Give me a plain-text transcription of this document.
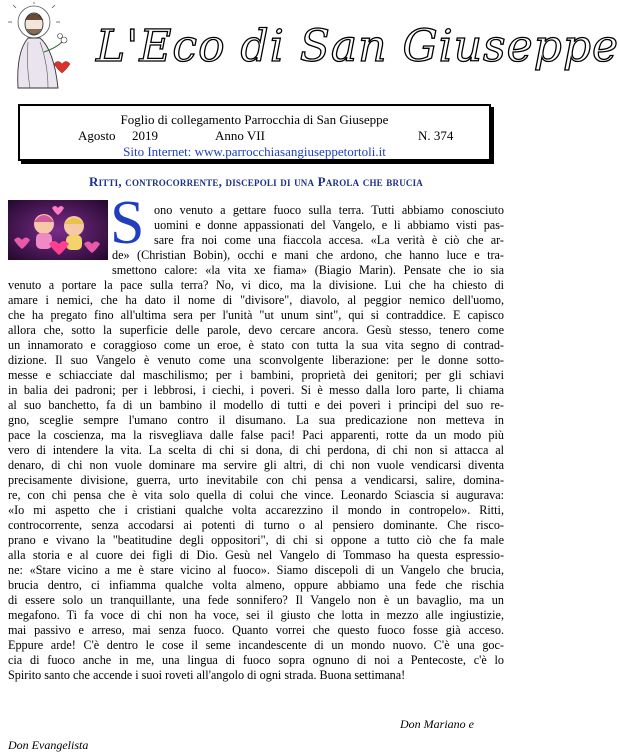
L'Eco di San Giuseppe
Foglio di collegamento Parrocchia di San Giuseppe
Agosto 2019	Anno VII	N. 374
Sito Internet: www.parrocchiasangiuseppetortoli.it
Ritti, controcorrente, discepoli di una Parola che brucia
S ono venuto a gettare fuoco sulla terra. Tutti abbiamo conosciuto
uomini e donne appassionati del Vangelo, e li abbiamo visti pas-
sare fra noi come una fiaccola accesa. «La verità è ciò che ar-
de» (Christian Bobin), occhi e mani che ardono, che hanno luce e tra-
smettono calore: «la vita xe fiama» (Biagio Marin). Pensate che io sia
venuto a portare la pace sulla terra? No, vi dico, ma la divisione. Lui che ha chiesto di
amare i nemici, che ha dato il nome di "divisore", diavolo, al peggior nemico dell'uomo,
che ha pregato fino all'ultima sera per l'unità "ut unum sint", qui si contraddice. E capisco
allora che, sotto la superficie delle parole, devo cercare ancora. Gesù stesso, tenero come
un innamorato e coraggioso come un eroe, è stato con tutta la sua vita segno di contrad-
dizione. Il suo Vangelo è venuto come una sconvolgente liberazione: per le donne sotto-
messe e schiacciate dal maschilismo; per i bambini, proprietà dei genitori; per gli schiavi
in balia dei padroni; per i lebbrosi, i ciechi, i poveri. Si è messo dalla loro parte, li chiama
al suo banchetto, fa di un bambino il modello di tutti e dei poveri i principi del suo re-
gno, sceglie sempre l'umano contro il disumano. La sua predicazione non metteva in
pace la coscienza, ma la risvegliava dalle false paci! Paci apparenti, rotte da un modo più
vero di intendere la vita. La scelta di chi si dona, di chi perdona, di chi non si attacca al
denaro, di chi non vuole dominare ma servire gli altri, di chi non vuole vendicarsi diventa
precisamente divisione, guerra, urto inevitabile con chi pensa a vendicarsi, salire, domina-
re, con chi pensa che è vita solo quella di colui che vince. Leonardo Sciascia si augurava:
«Io mi aspetto che i cristiani qualche volta accarezzino il mondo in contropelo». Ritti,
controcorrente, senza accodarsi ai potenti di turno o al pensiero dominante. Che risco-
prano e vivano la "beatitudine degli oppositori", di chi si oppone a tutto ciò che fa male
alla storia e al cuore dei figli di Dio. Gesù nel Vangelo di Tommaso ha questa espressio-
ne: «Stare vicino a me è stare vicino al fuoco». Siamo discepoli di un Vangelo che brucia,
brucia dentro, ci infiamma qualche volta almeno, oppure abbiamo una fede che rischia
di essere solo un tranquillante, una fede sonnifero? Il Vangelo non è un bavaglio, ma un
megafono. Ti fa voce di chi non ha voce, sei il giusto che lotta in mezzo alle ingiustizie,
mai passivo e arreso, mai senza fuoco. Quanto vorrei che questo fuoco fosse già acceso.
Eppure arde! C'è dentro le cose il seme incandescente di un mondo nuovo. C'è una goc-
cia di fuoco anche in me, una lingua di fuoco sopra ognuno di noi a Pentecoste, c'è lo
Spirito santo che accende i suoi roveti all'angolo di ogni strada. Buona settimana!
Don Mariano e
Don Evangelista
